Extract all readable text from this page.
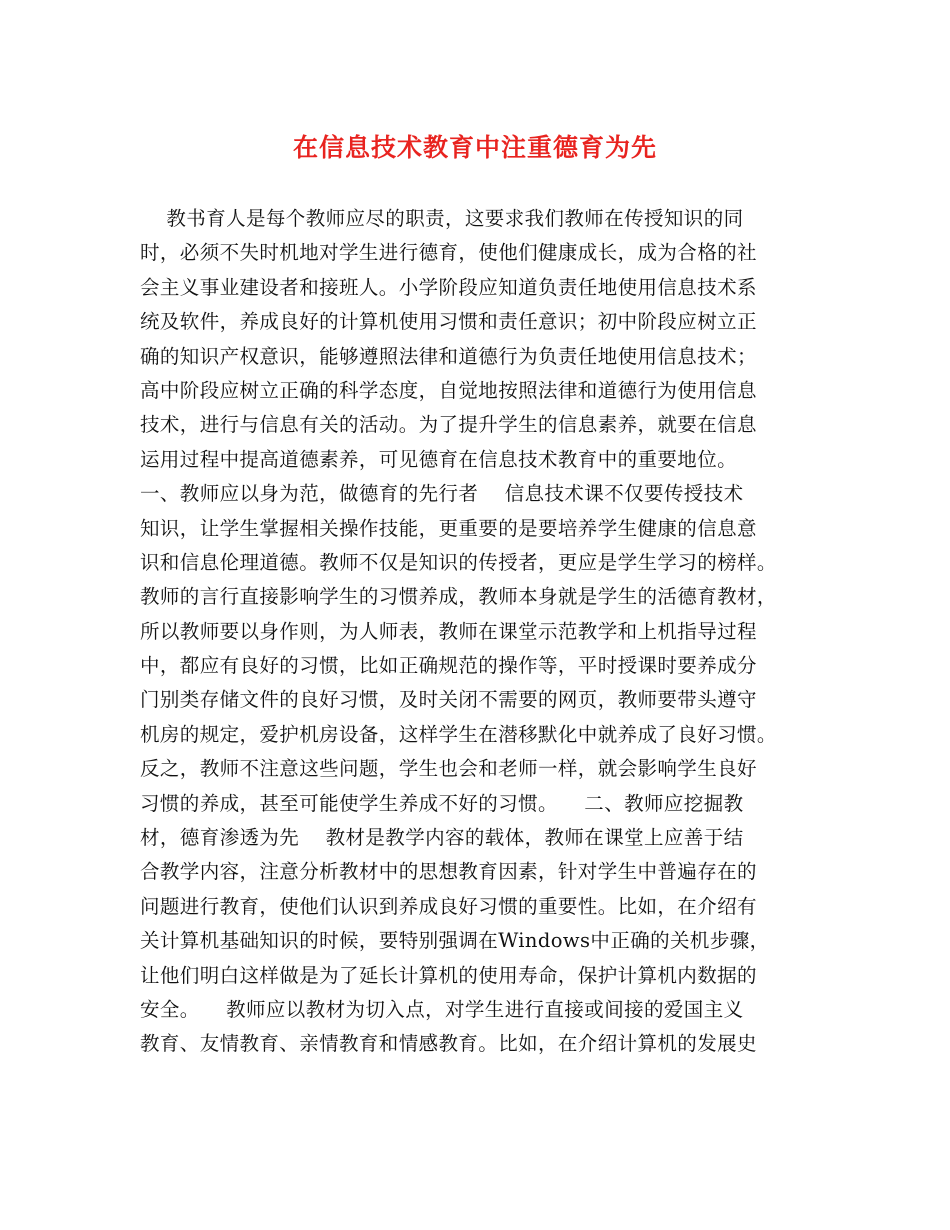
在信息技术教育中注重德育为先
教书育人是每个教师应尽的职责，这要求我们教师在传授知识的同
时，必须不失时机地对学生进行德育，使他们健康成长，成为合格的社
会主义事业建设者和接班人。小学阶段应知道负责任地使用信息技术系
统及软件，养成良好的计算机使用习惯和责任意识；初中阶段应树立正
确的知识产权意识，能够遵照法律和道德行为负责任地使用信息技术；
高中阶段应树立正确的科学态度，自觉地按照法律和道德行为使用信息
技术，进行与信息有关的活动。为了提升学生的信息素养，就要在信息
运用过程中提高道德素养，可见德育在信息技术教育中的重要地位。
一、教师应以身为范，做德育的先行者    信息技术课不仅要传授技术
知识，让学生掌握相关操作技能，更重要的是要培养学生健康的信息意
识和信息伦理道德。教师不仅是知识的传授者，更应是学生学习的榜样。
教师的言行直接影响学生的习惯养成，教师本身就是学生的活德育教材，
所以教师要以身作则，为人师表，教师在课堂示范教学和上机指导过程
中，都应有良好的习惯，比如正确规范的操作等，平时授课时要养成分
门别类存储文件的良好习惯，及时关闭不需要的网页，教师要带头遵守
机房的规定，爱护机房设备，这样学生在潜移默化中就养成了良好习惯。
反之，教师不注意这些问题，学生也会和老师一样，就会影响学生良好
习惯的养成，甚至可能使学生养成不好的习惯。    二、教师应挖掘教
材，德育渗透为先    教材是教学内容的载体，教师在课堂上应善于结
合教学内容，注意分析教材中的思想教育因素，针对学生中普遍存在的
问题进行教育，使他们认识到养成良好习惯的重要性。比如，在介绍有
关计算机基础知识的时候，要特别强调在Windows中正确的关机步骤，
让他们明白这样做是为了延长计算机的使用寿命，保护计算机内数据的
安全。    教师应以教材为切入点，对学生进行直接或间接的爱国主义
教育、友情教育、亲情教育和情感教育。比如，在介绍计算机的发展史
